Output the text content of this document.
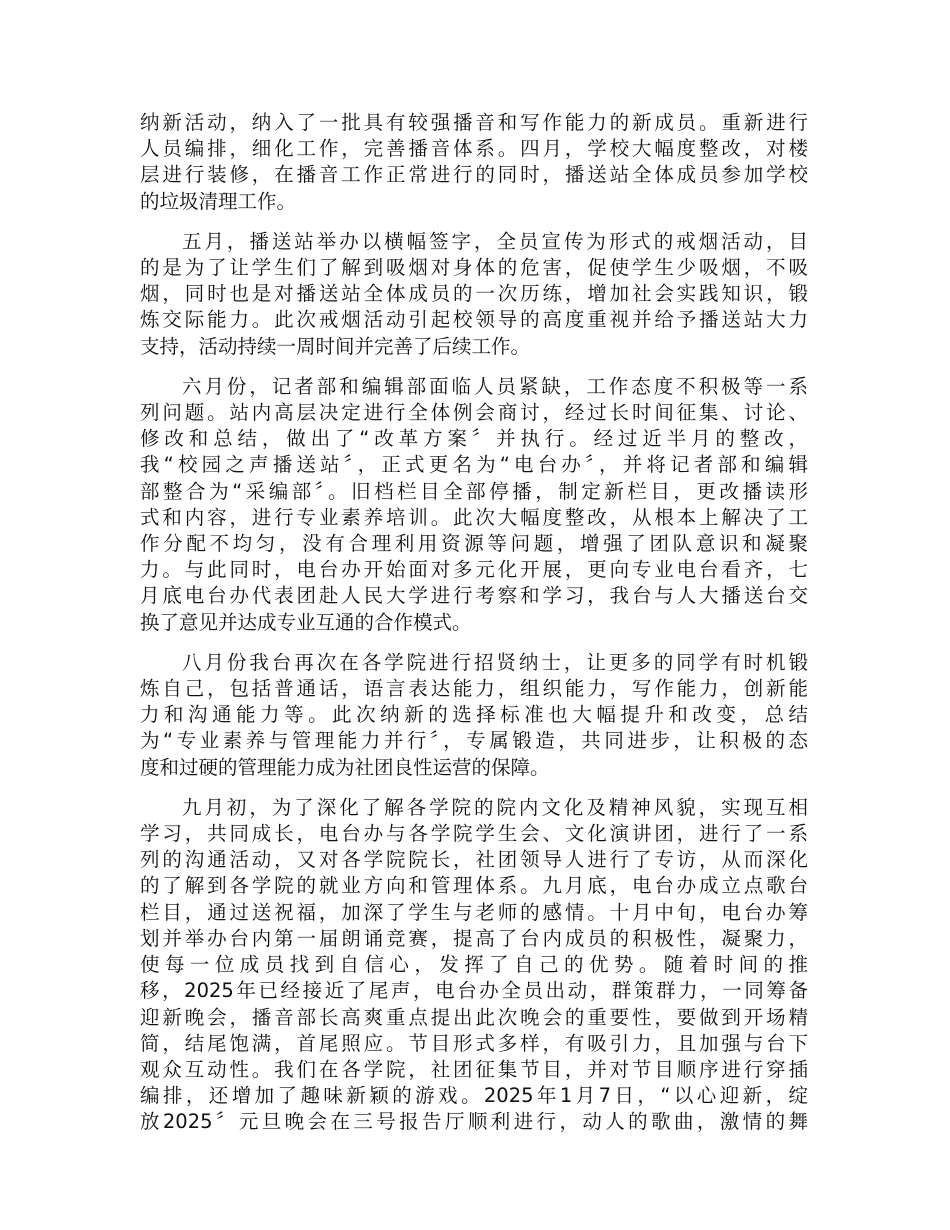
纳新活动，纳入了一批具有较强播音和写作能力的新成员。重新进行
人员编排，细化工作，完善播音体系。四月，学校大幅度整改，对楼
层进行装修，在播音工作正常进行的同时，播送站全体成员参加学校
的垃圾清理工作。
五月，播送站举办以横幅签字，全员宣传为形式的戒烟活动，目
的是为了让学生们了解到吸烟对身体的危害，促使学生少吸烟，不吸
烟，同时也是对播送站全体成员的一次历练，增加社会实践知识，锻
炼交际能力。此次戒烟活动引起校领导的高度重视并给予播送站大力
支持，活动持续一周时间并完善了后续工作。
六月份，记者部和编辑部面临人员紧缺，工作态度不积极等一系
列问题。站内高层决定进行全体例会商讨，经过长时间征集、讨论、
修改和总结，做出了“改革方案〞并执行。经过近半月的整改，
我“校园之声播送站〞，正式更名为“电台办〞，并将记者部和编辑
部整合为“采编部〞。旧档栏目全部停播，制定新栏目，更改播读形
式和内容，进行专业素养培训。此次大幅度整改，从根本上解决了工
作分配不均匀，没有合理利用资源等问题，增强了团队意识和凝聚
力。与此同时，电台办开始面对多元化开展，更向专业电台看齐，七
月底电台办代表团赴人民大学进行考察和学习，我台与人大播送台交
换了意见并达成专业互通的合作模式。
八月份我台再次在各学院进行招贤纳士，让更多的同学有时机锻
炼自己，包括普通话，语言表达能力，组织能力，写作能力，创新能
力和沟通能力等。此次纳新的选择标准也大幅提升和改变，总结
为“专业素养与管理能力并行〞，专属锻造，共同进步，让积极的态
度和过硬的管理能力成为社团良性运营的保障。
九月初，为了深化了解各学院的院内文化及精神风貌，实现互相
学习，共同成长，电台办与各学院学生会、文化演讲团，进行了一系
列的沟通活动，又对各学院院长，社团领导人进行了专访，从而深化
的了解到各学院的就业方向和管理体系。九月底，电台办成立点歌台
栏目，通过送祝福，加深了学生与老师的感情。十月中旬，电台办筹
划并举办台内第一届朗诵竞赛，提高了台内成员的积极性，凝聚力，
使每一位成员找到自信心，发挥了自己的优势。随着时间的推
移，2025年已经接近了尾声，电台办全员出动，群策群力，一同筹备
迎新晚会，播音部长高爽重点提出此次晚会的重要性，要做到开场精
简，结尾饱满，首尾照应。节目形式多样，有吸引力，且加强与台下
观众互动性。我们在各学院，社团征集节目，并对节目顺序进行穿插
编排，还增加了趣味新颖的游戏。2025年1月7日，“以心迎新，绽
放2025〞元旦晚会在三号报告厅顺利进行，动人的歌曲，激情的舞
